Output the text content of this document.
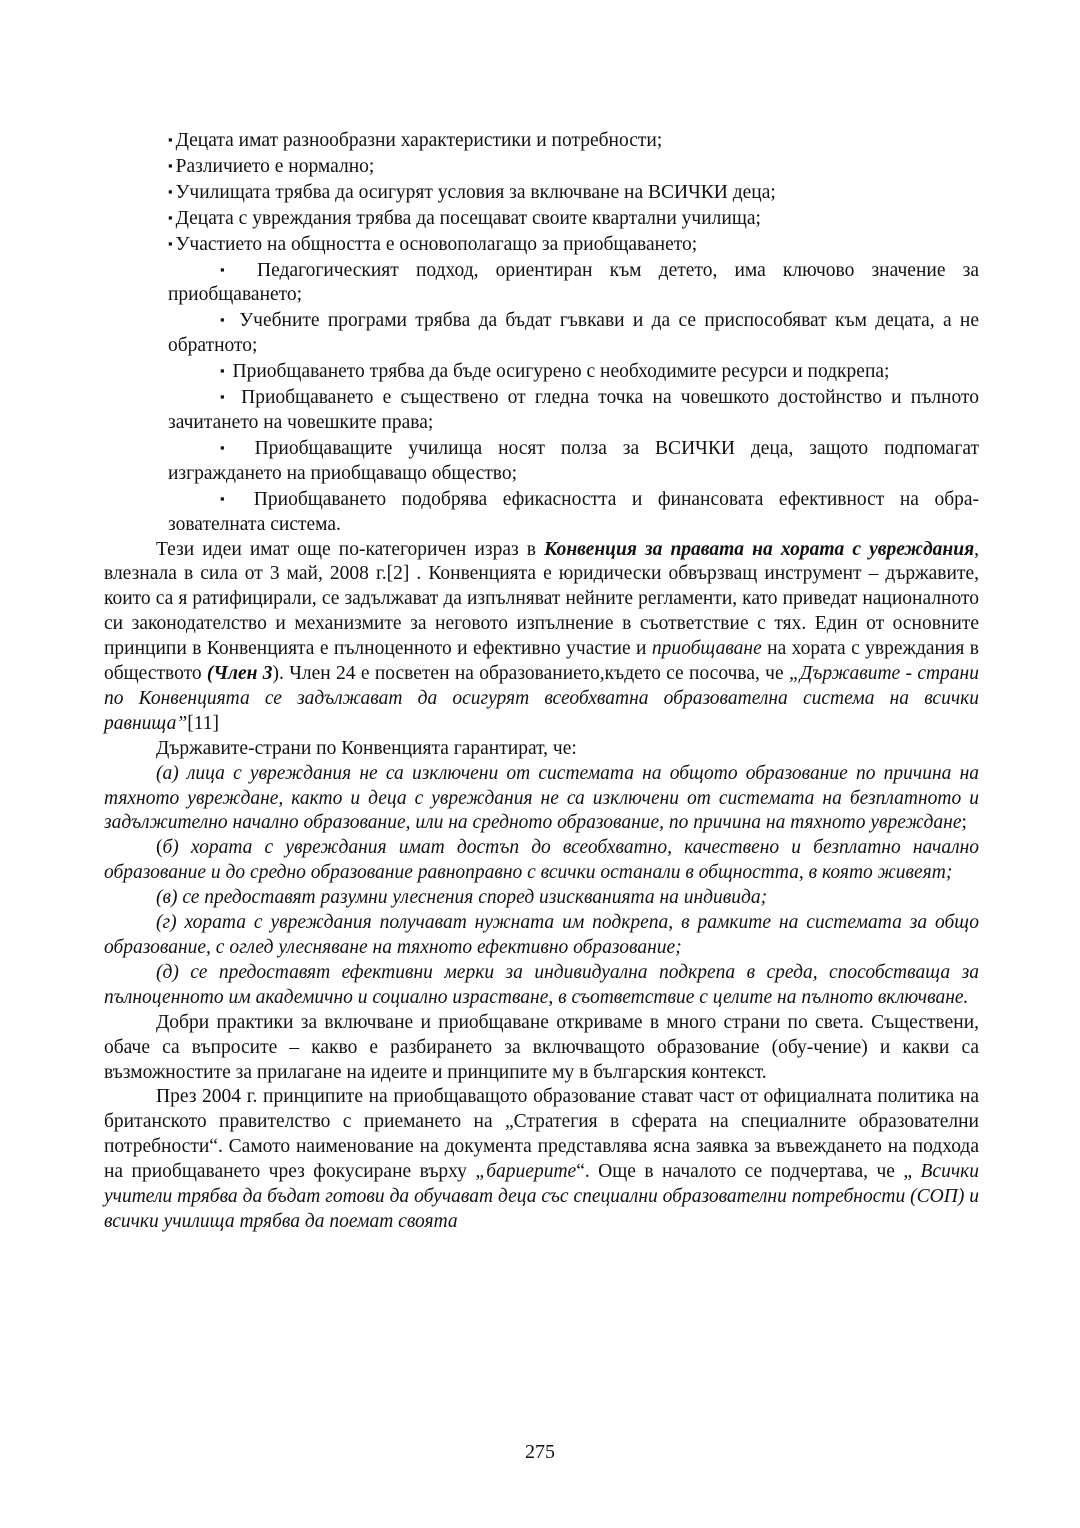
▪ Децата имат разнообразни характеристики и потребности;
▪ Различието е нормално;
▪ Училищата трябва да осигурят условия за включване на ВСИЧКИ деца;
▪ Децата с увреждания трябва да посещават своите квартални училища;
▪ Участието на общността е основополагащо за приобщаването;
▪ Педагогическият подход, ориентиран към детето, има ключово значение за приобщаването;
▪ Учебните програми трябва да бъдат гъвкави и да се приспособяват към децата, а не обратното;
▪ Приобщаването трябва да бъде осигурено с необходимите ресурси и подкрепа;
▪ Приобщаването е съществено от гледна точка на човешкото достойнство и пълното зачитането на човешките права;
▪ Приобщаващите училища носят полза за ВСИЧКИ деца, защото подпомагат изграждането на приобщаващо общество;
▪ Приобщаването подобрява ефикасността и финансовата ефективност на обра-зователната система.

Тези идеи имат още по-категоричен израз в Конвенция за правата на хората с увреждания, влезнала в сила от 3 май, 2008 г.[2] . Конвенцията е юридически обвързващ инструмент – държавите, които са я ратифицирали, се задължават да изпълняват нейните регламенти, като приведат националното си законодателство и механизмите за неговото изпълнение в съответствие с тях. Един от основните принципи в Конвенцията е пълноценното и ефективно участие и приобщаване на хората с увреждания в обществото (Член 3). Член 24 е посветен на образованието,където се посочва, че „Държавите - страни по Конвенцията се задължават да осигурят всеобхватна образователна система на всички равнища”[11]

Държавите-страни по Конвенцията гарантират, че:

(а) лица с увреждания не са изключени от системата на общото образование по причина на тяхното увреждане, както и деца с увреждания не са изключени от системата на безплатното и задължително начално образование, или на средното образование, по причина на тяхното увреждане;

(б) хората с увреждания имат достъп до всеобхватно, качествено и безплатно начално образование и до средно образование равноправно с всички останали в общността, в която живеят;

(в) се предоставят разумни улеснения според изискванията на индивида;

(г) хората с увреждания получават нужната им подкрепа, в рамките на системата за общо образование, с оглед улесняване на тяхното ефективно образование;

(д) се предоставят ефективни мерки за индивидуална подкрепа в среда, способстваща за пълноценното им академично и социално израстване, в съответствие с целите на пълното включване.

Добри практики за включване и приобщаване откриваме в много страни по света. Съществени, обаче са въпросите – какво е разбирането за включващото образование (обу-чение) и какви са възможностите за прилагане на идеите и принципите му в българския контекст.

През 2004 г. принципите на приобщаващото образование стават част от официалната политика на британското правителство с приемането на „Стратегия в сферата на специалните образователни потребности“. Самото наименование на документа представлява ясна заявка за въвеждането на подхода на приобщаването чрез фокусиране върху „бариерите“. Още в началото се подчертава, че „ Всички учители трябва да бъдат готови да обучават деца със специални образователни потребности (СОП) и всички училища трябва да поемат своята

275
